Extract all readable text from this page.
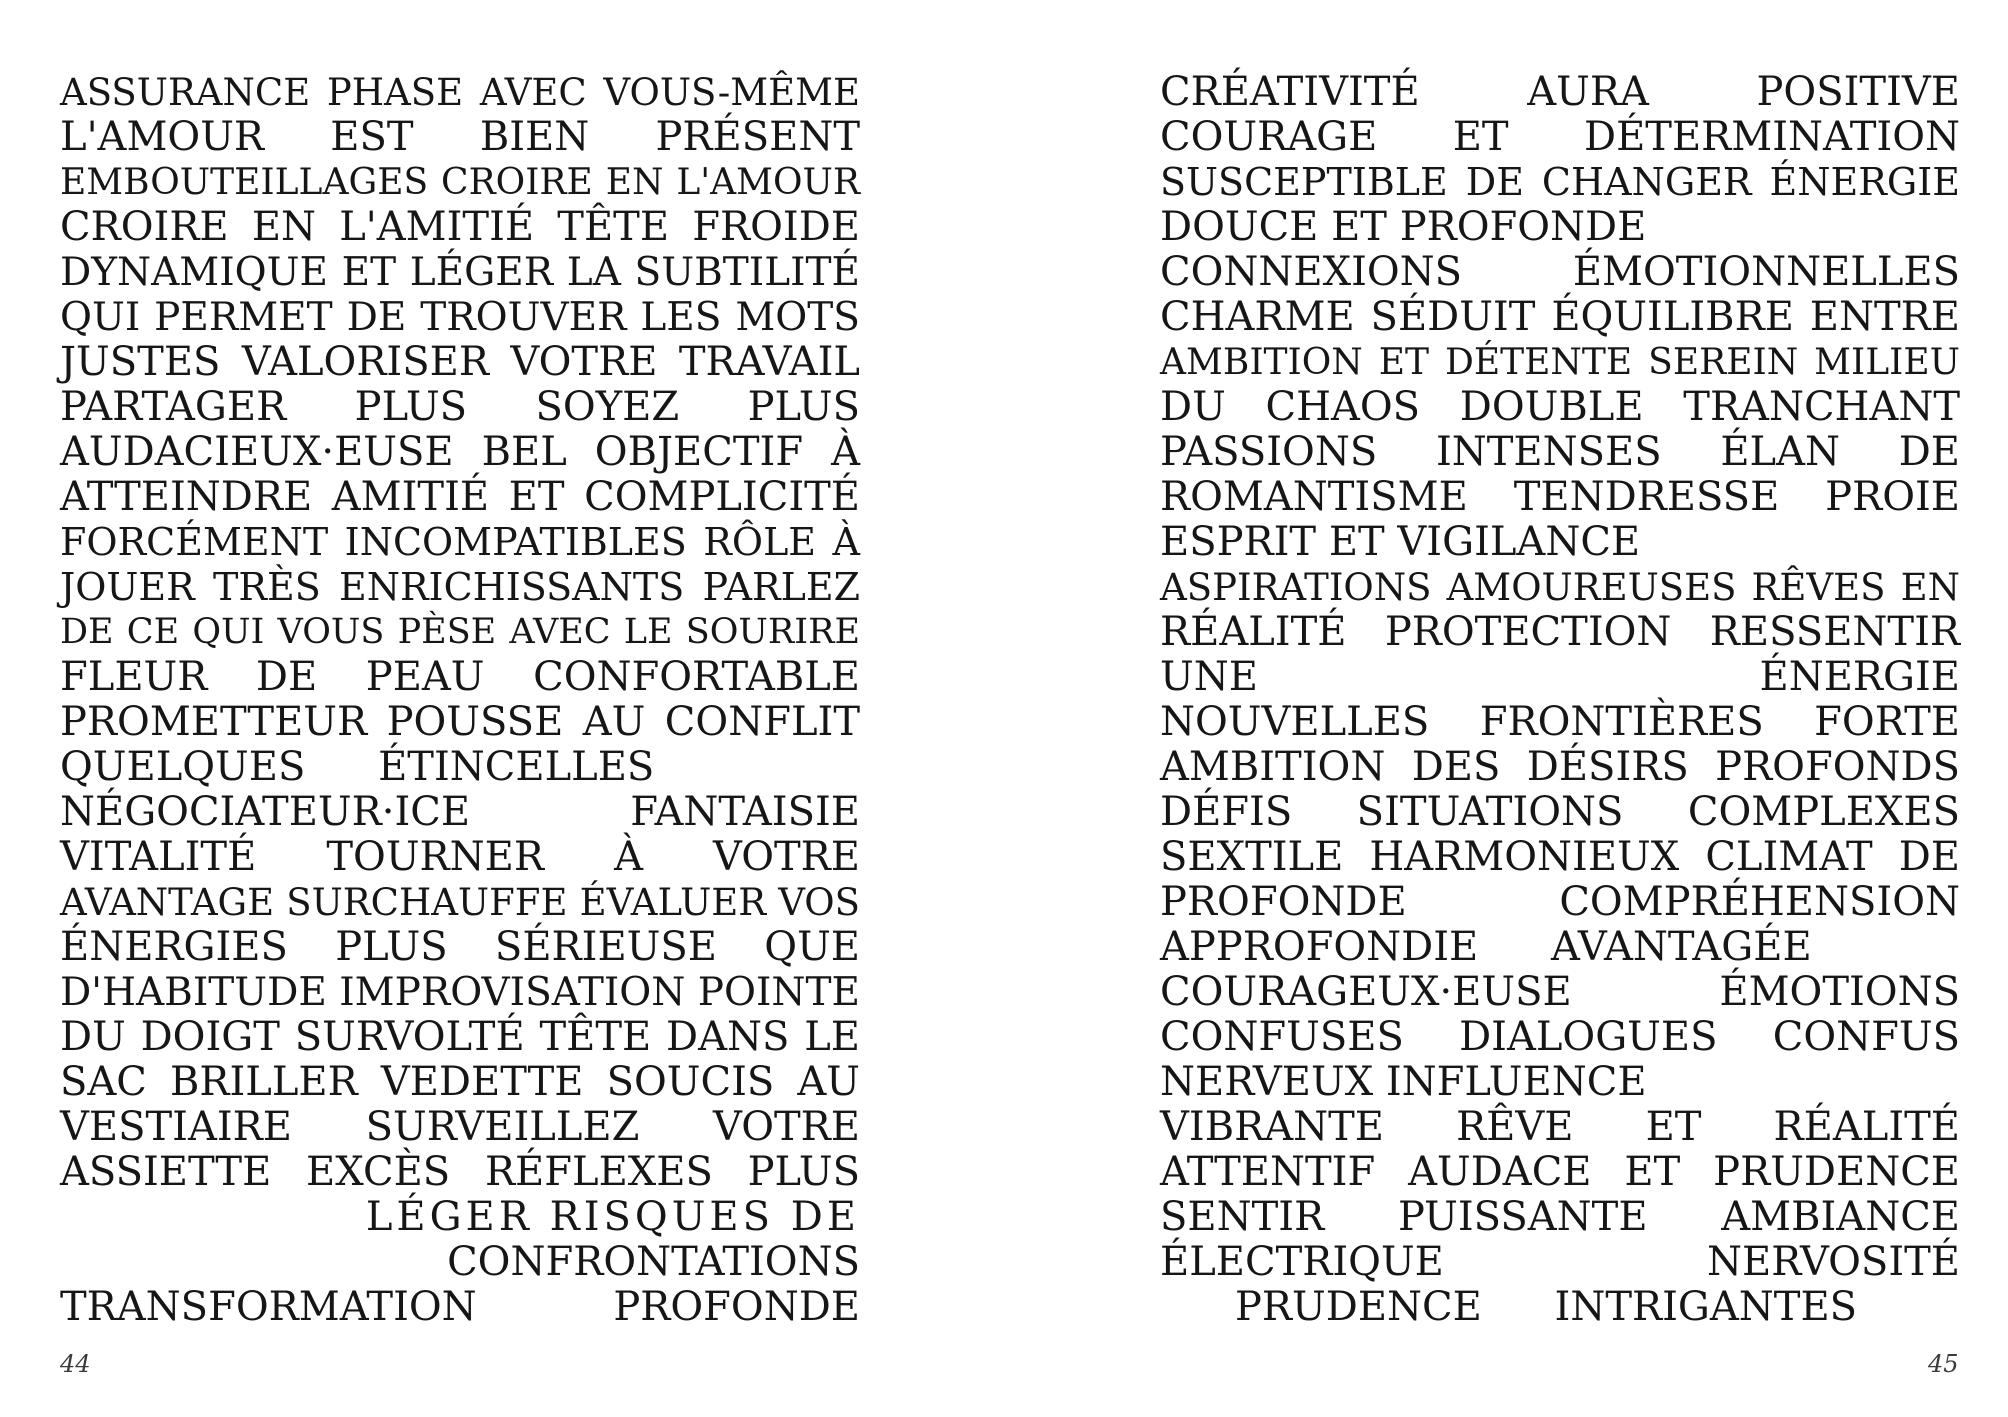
ASSURANCE PHASE AVEC VOUS-MÊME
L'AMOUR EST BIEN PRÉSENT
EMBOUTEILLAGES CROIRE EN L'AMOUR
CROIRE EN L'AMITIÉ TÊTE FROIDE
DYNAMIQUE ET LÉGER LA SUBTILITÉ
QUI PERMET DE TROUVER LES MOTS
JUSTES VALORISER VOTRE TRAVAIL
PARTAGER PLUS SOYEZ PLUS
AUDACIEUX·EUSE BEL OBJECTIF À
ATTEINDRE AMITIÉ ET COMPLICITÉ
FORCÉMENT INCOMPATIBLES RÔLE À
JOUER TRÈS ENRICHISSANTS PARLEZ
DE CE QUI VOUS PÈSE AVEC LE SOURIRE
FLEUR DE PEAU CONFORTABLE
PROMETTEUR POUSSE AU CONFLIT
QUELQUES ÉTINCELLES
NÉGOCIATEUR·ICE FANTAISIE
VITALITÉ TOURNER À VOTRE
AVANTAGE SURCHAUFFE ÉVALUER VOS
ÉNERGIES PLUS SÉRIEUSE QUE
D'HABITUDE IMPROVISATION POINTE
DU DOIGT SURVOLTÉ TÊTE DANS LE
SAC BRILLER VEDETTE SOUCIS AU
VESTIAIRE SURVEILLEZ VOTRE
ASSIETTE EXCÈS RÉFLEXES PLUS
LÉGER RISQUES DE
CONFRONTATIONS
TRANSFORMATION PROFONDE
CRÉATIVITÉ AURA POSITIVE
COURAGE ET DÉTERMINATION
SUSCEPTIBLE DE CHANGER ÉNERGIE
DOUCE ET PROFONDE
CONNEXIONS ÉMOTIONNELLES
CHARME SÉDUIT ÉQUILIBRE ENTRE
AMBITION ET DÉTENTE SEREIN MILIEU
DU CHAOS DOUBLE TRANCHANT
PASSIONS INTENSES ÉLAN DE
ROMANTISME TENDRESSE PROIE
ESPRIT ET VIGILANCE
ASPIRATIONS AMOUREUSES RÊVES EN
RÉALITÉ PROTECTION RESSENTIR
UNE ÉNERGIE
NOUVELLES FRONTIÈRES FORTE
AMBITION DES DÉSIRS PROFONDS
DÉFIS SITUATIONS COMPLEXES
SEXTILE HARMONIEUX CLIMAT DE
PROFONDE COMPRÉHENSION
APPROFONDIE AVANTAGÉE
COURAGEUX·EUSE ÉMOTIONS
CONFUSES DIALOGUES CONFUS
NERVEUX INFLUENCE
VIBRANTE RÊVE ET RÉALITÉ
ATTENTIF AUDACE ET PRUDENCE
SENTIR PUISSANTE AMBIANCE
ÉLECTRIQUE NERVOSITÉ
PRUDENCE INTRIGANTES
44	45
